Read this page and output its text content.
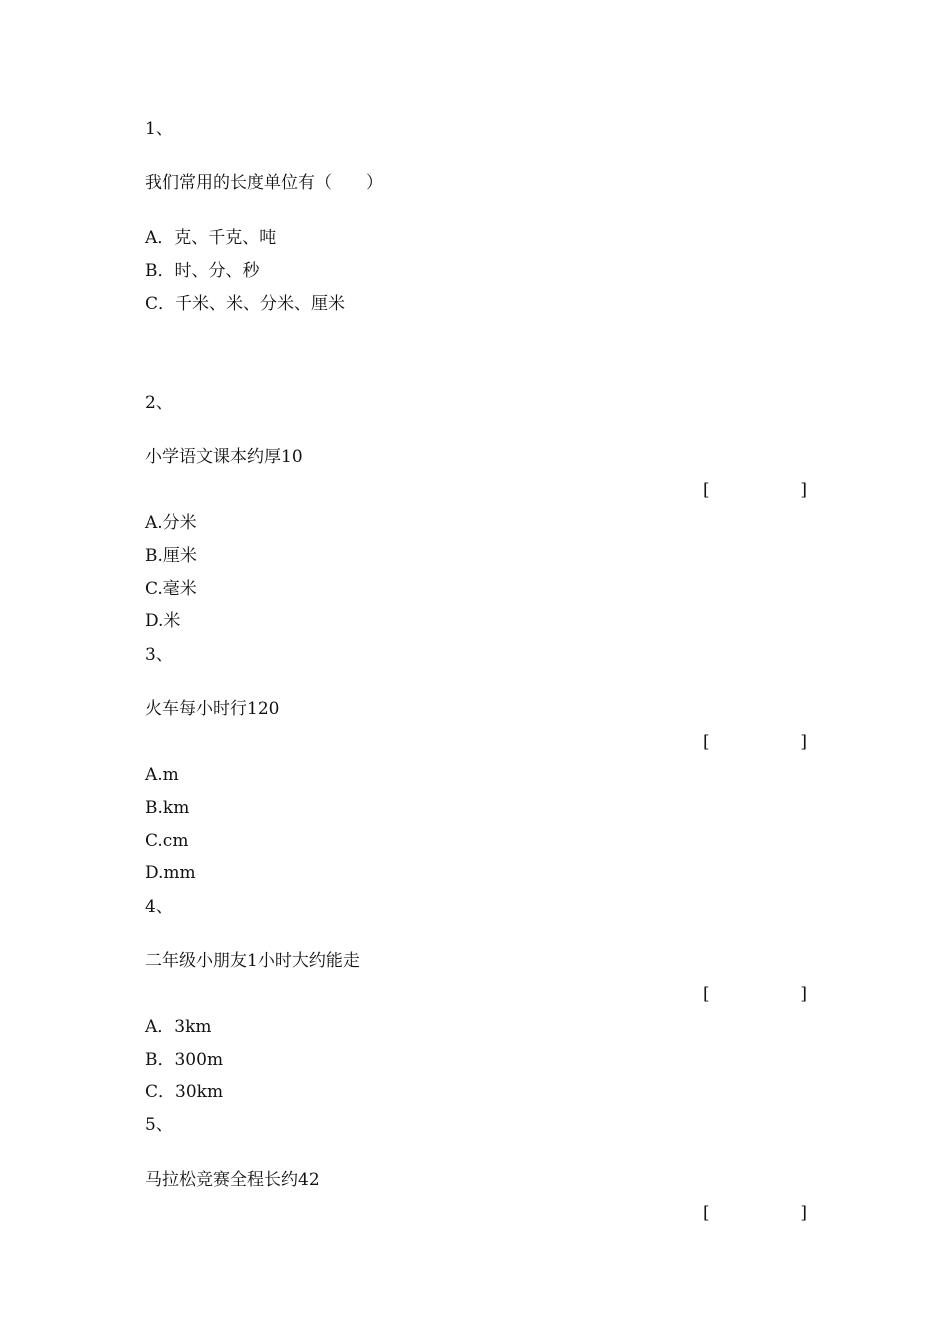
1、
我们常用的长度单位有（　　）
A．克、千克、吨
B．时、分、秒
C．千米、米、分米、厘米
2、
小学语文课本约厚10
[	]
A.分米
B.厘米
C.毫米
D.米
3、
火车每小时行120
[	]
A.m
B.km
C.cm
D.mm
4、
二年级小朋友1小时大约能走
[	]
A．3km
B．300m
C．30km
5、
马拉松竞赛全程长约42
[	]
